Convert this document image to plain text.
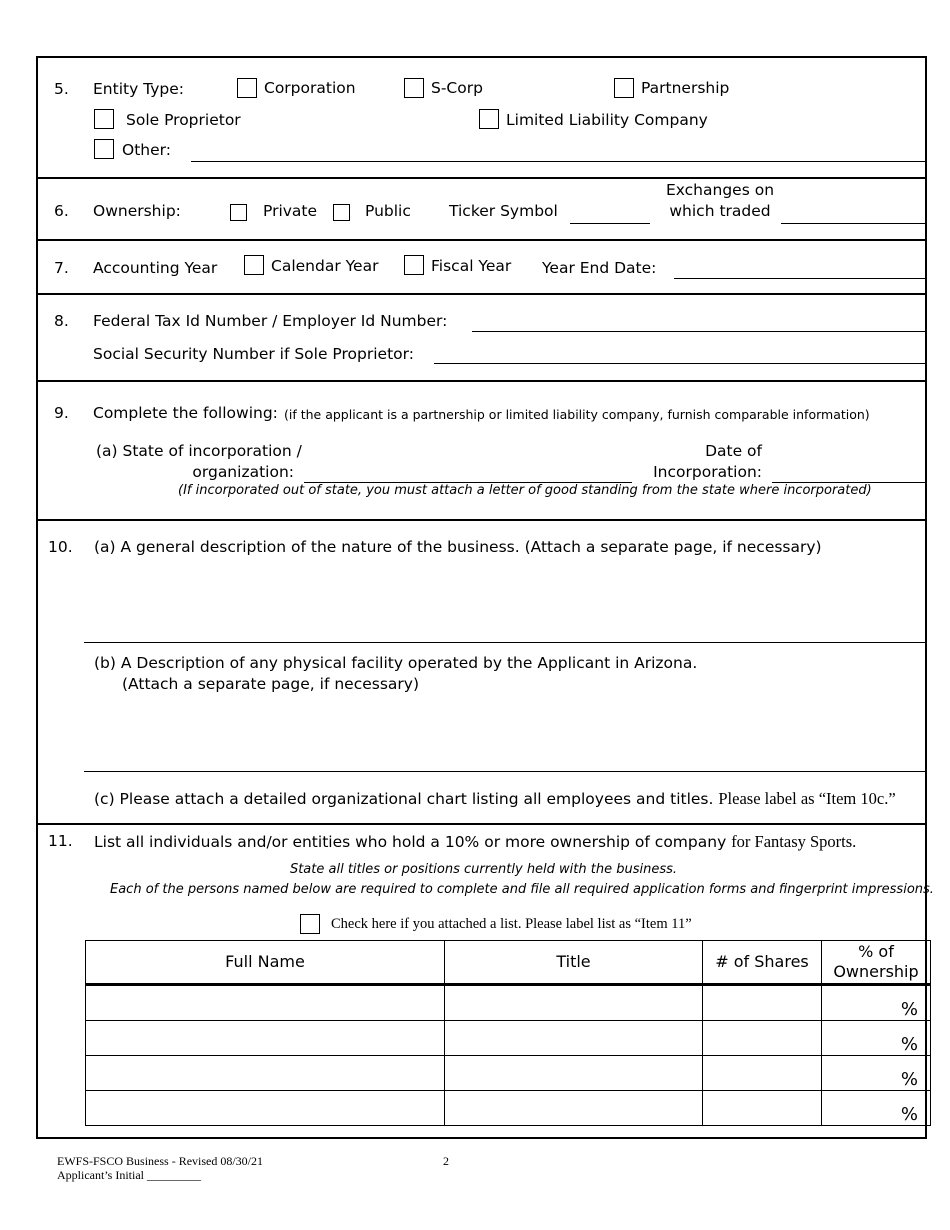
5. Entity Type:	Corporation	S-Corp	Partnership
Sole Proprietor	Limited Liability Company
Other:
6. Ownership:	Private	Public Ticker Symbol
Exchanges on
which traded
7. Accounting Year	Calendar Year	Fiscal Year Year End Date:
8. Federal Tax Id Number / Employer Id Number:
Social Security Number if Sole Proprietor:
9. Complete the following: (if the applicant is a partnership or limited liability company, furnish comparable information)
(a) State of incorporation /
organization:
Date of
Incorporation:
(If incorporated out of state, you must attach a letter of good standing from the state where incorporated)
10. (a) A general description of the nature of the business. (Attach a separate page, if necessary)
(b) A Description of any physical facility operated by the Applicant in Arizona.
(Attach a separate page, if necessary)
(c) Please attach a detailed organizational chart listing all employees and titles. Please label as “Item 10c.”
11. List all individuals and/or entities who hold a 10% or more ownership of company for Fantasy Sports.
State all titles or positions currently held with the business.
Each of the persons named below are required to complete and file all required application forms and fingerprint impressions.
Check here if you attached a list. Please label list as “Item 11”
Full Name	Title	# of Shares	% of
Ownership
			%
			%
			%
			%
EWFS-FSCO Business - Revised 08/30/21
Applicant’s Initial _________
2
